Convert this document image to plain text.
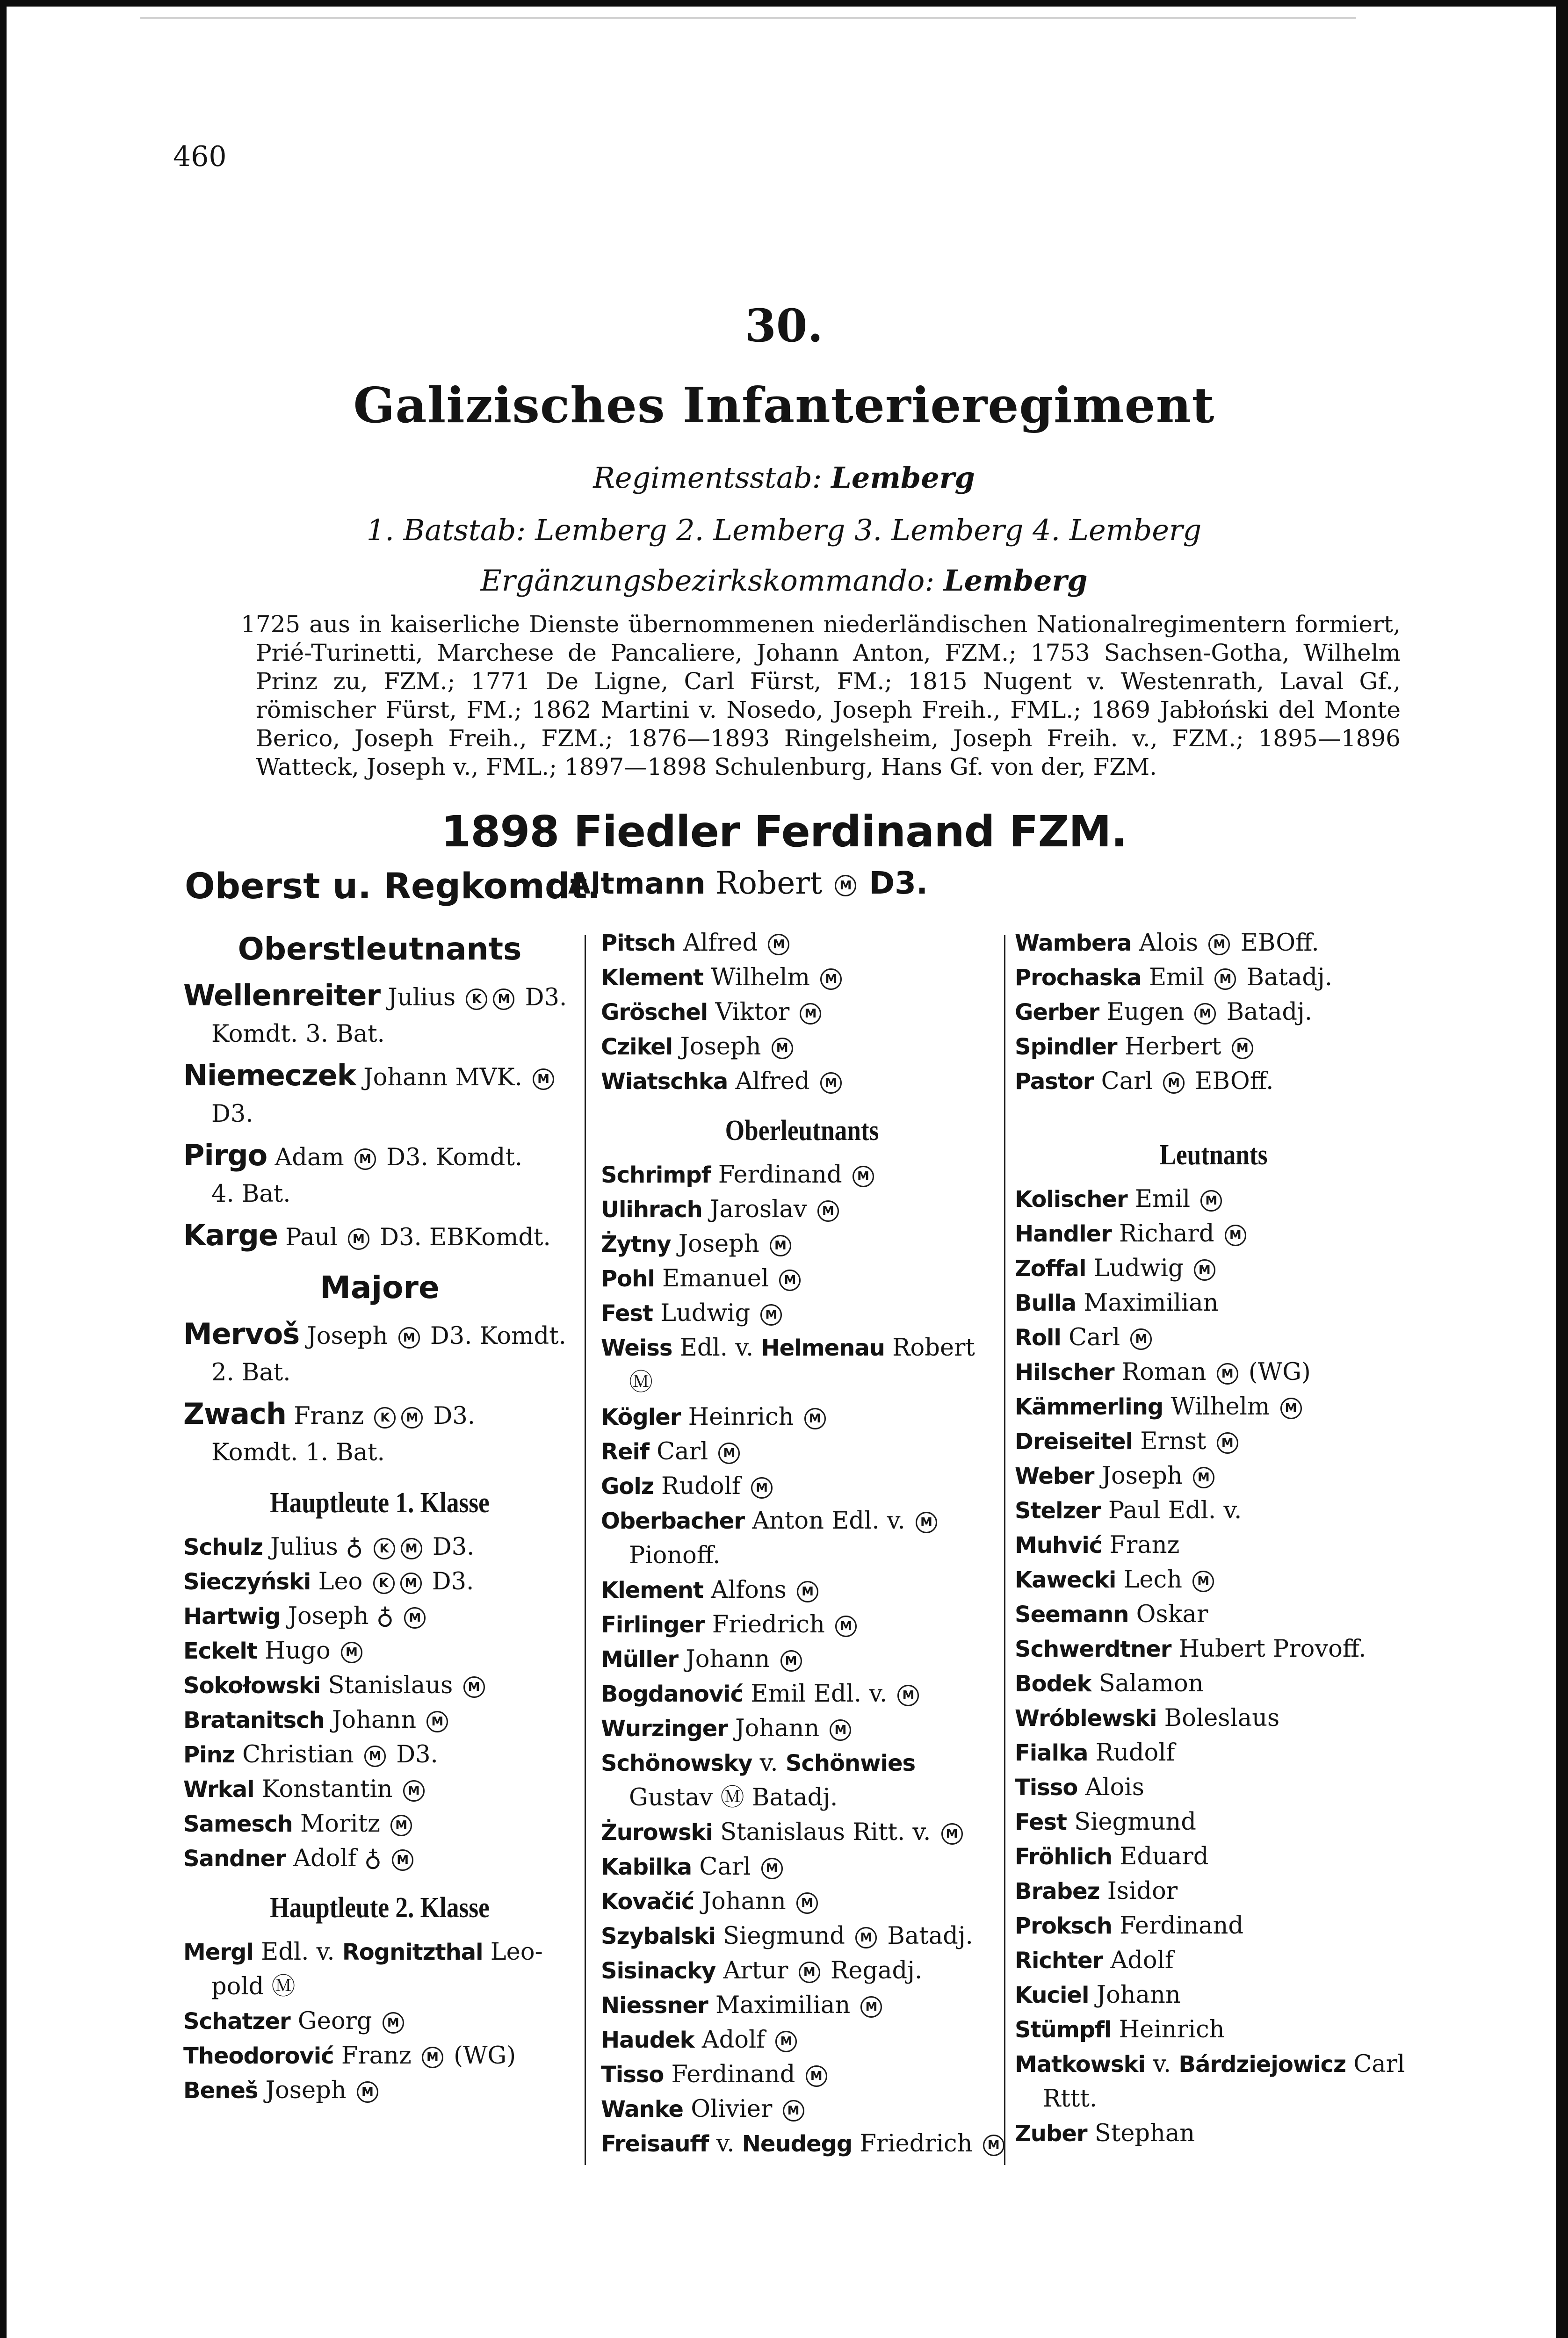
460
30.
Galizisches Infanterieregiment
Regimentsstab: Lemberg
1. Batstab: Lemberg 2. Lemberg 3. Lemberg 4. Lemberg
Ergänzungsbezirkskommando: Lemberg

1725 aus in kaiserliche Dienste übernommenen niederländischen Nationalregimentern formiert, Prié-Turinetti, Marchese de Pancaliere, Johann Anton, FZM.; 1753 Sachsen-Gotha, Wilhelm Prinz zu, FZM.; 1771 De Ligne, Carl Fürst, FM.; 1815 Nugent v. Westenrath, Laval Gf., römischer Fürst, FM.; 1862 Martini v. Nosedo, Joseph Freih., FML.; 1869 Jabłoński del Monte Berico, Joseph Freih., FZM.; 1876—1893 Ringelsheim, Joseph Freih. v., FZM.; 1895—1896 Watteck, Joseph v., FML.; 1897—1898 Schulenburg, Hans Gf. von der, FZM.

1898 Fiedler Ferdinand FZM.
Oberst u. Regkomdt.
Altmann Robert M D3.
Oberstleutnants
Wellenreiter Julius K M D3.
Komdt. 3. Bat.
Niemeczek Johann MVK. M
D3.
Pirgo Adam M D3. Komdt.
4. Bat.
Karge Paul M D3. EBKomdt.
Majore
Mervoš Joseph M D3. Komdt.
2. Bat.
Zwach Franz K M D3.
Komdt. 1. Bat.
Hauptleute 1. Klasse
Schulz Julius ♁ K M D3.
Sieczyński Leo K M D3.
Hartwig Joseph ♁ M
Eckelt Hugo M
Sokołowski Stanislaus M
Bratanitsch Johann M
Pinz Christian M D3.
Wrkal Konstantin M
Samesch Moritz M
Sandner Adolf ♁ M
Hauptleute 2. Klasse
Mergl Edl. v. Rognitzthal Leo-
pold Ⓜ
Schatzer Georg M
Theodorović Franz M (WG)
Beneš Joseph M
Pitsch Alfred M
Klement Wilhelm M
Gröschel Viktor M
Czikel Joseph M
Wiatschka Alfred M
Oberleutnants
Schrimpf Ferdinand M
Ulihrach Jaroslav M
Żytny Joseph M
Pohl Emanuel M
Fest Ludwig M
Weiss Edl. v. Helmenau Robert
Ⓜ
Kögler Heinrich M
Reif Carl M
Golz Rudolf M
Oberbacher Anton Edl. v. M
Pionoff.
Klement Alfons M
Firlinger Friedrich M
Müller Johann M
Bogdanović Emil Edl. v. M
Wurzinger Johann M
Schönowsky v. Schönwies
Gustav Ⓜ Batadj.
Żurowski Stanislaus Ritt. v. M
Kabilka Carl M
Kovačić Johann M
Szybalski Siegmund M Batadj.
Sisinacky Artur M Regadj.
Niessner Maximilian M
Haudek Adolf M
Tisso Ferdinand M
Wanke Olivier M
Freisauff v. Neudegg Friedrich M
Wambera Alois M EBOff.
Prochaska Emil M Batadj.
Gerber Eugen M Batadj.
Spindler Herbert M
Pastor Carl M EBOff.
Leutnants
Kolischer Emil M
Handler Richard M
Zoffal Ludwig M
Bulla Maximilian
Roll Carl M
Hilscher Roman M (WG)
Kämmerling Wilhelm M
Dreiseitel Ernst M
Weber Joseph M
Stelzer Paul Edl. v.
Muhvić Franz
Kawecki Lech M
Seemann Oskar
Schwerdtner Hubert Provoff.
Bodek Salamon
Wróblewski Boleslaus
Fialka Rudolf
Tisso Alois
Fest Siegmund
Fröhlich Eduard
Brabez Isidor
Proksch Ferdinand
Richter Adolf
Kuciel Johann
Stümpfl Heinrich
Matkowski v. Bárdziejowicz Carl
Rttt.
Zuber Stephan
